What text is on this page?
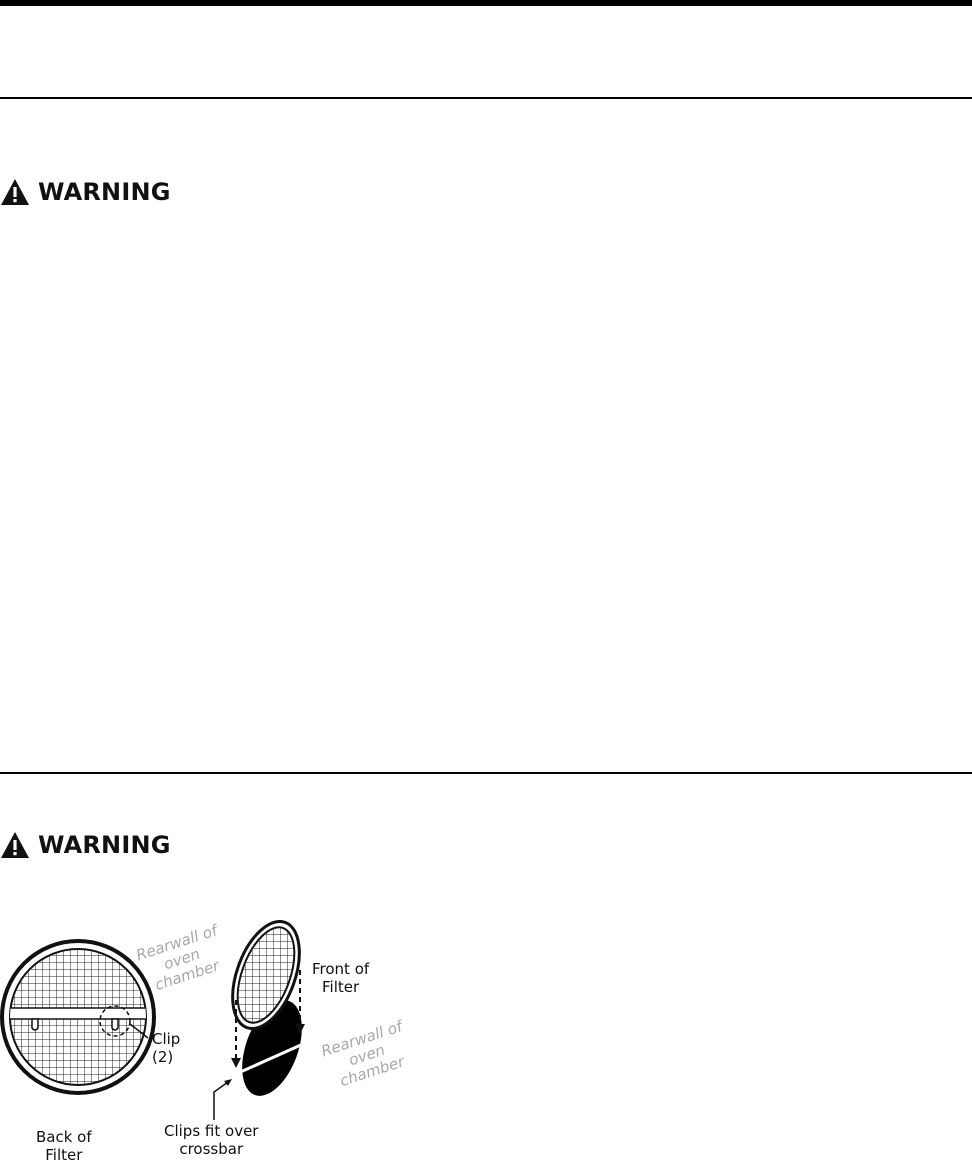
WARNING
WARNING
Back of
Filter
Clip
(2)
Clips fit over
crossbar
Front of
Filter
Rearwall of
oven
chamber
Rearwall of
oven
chamber
